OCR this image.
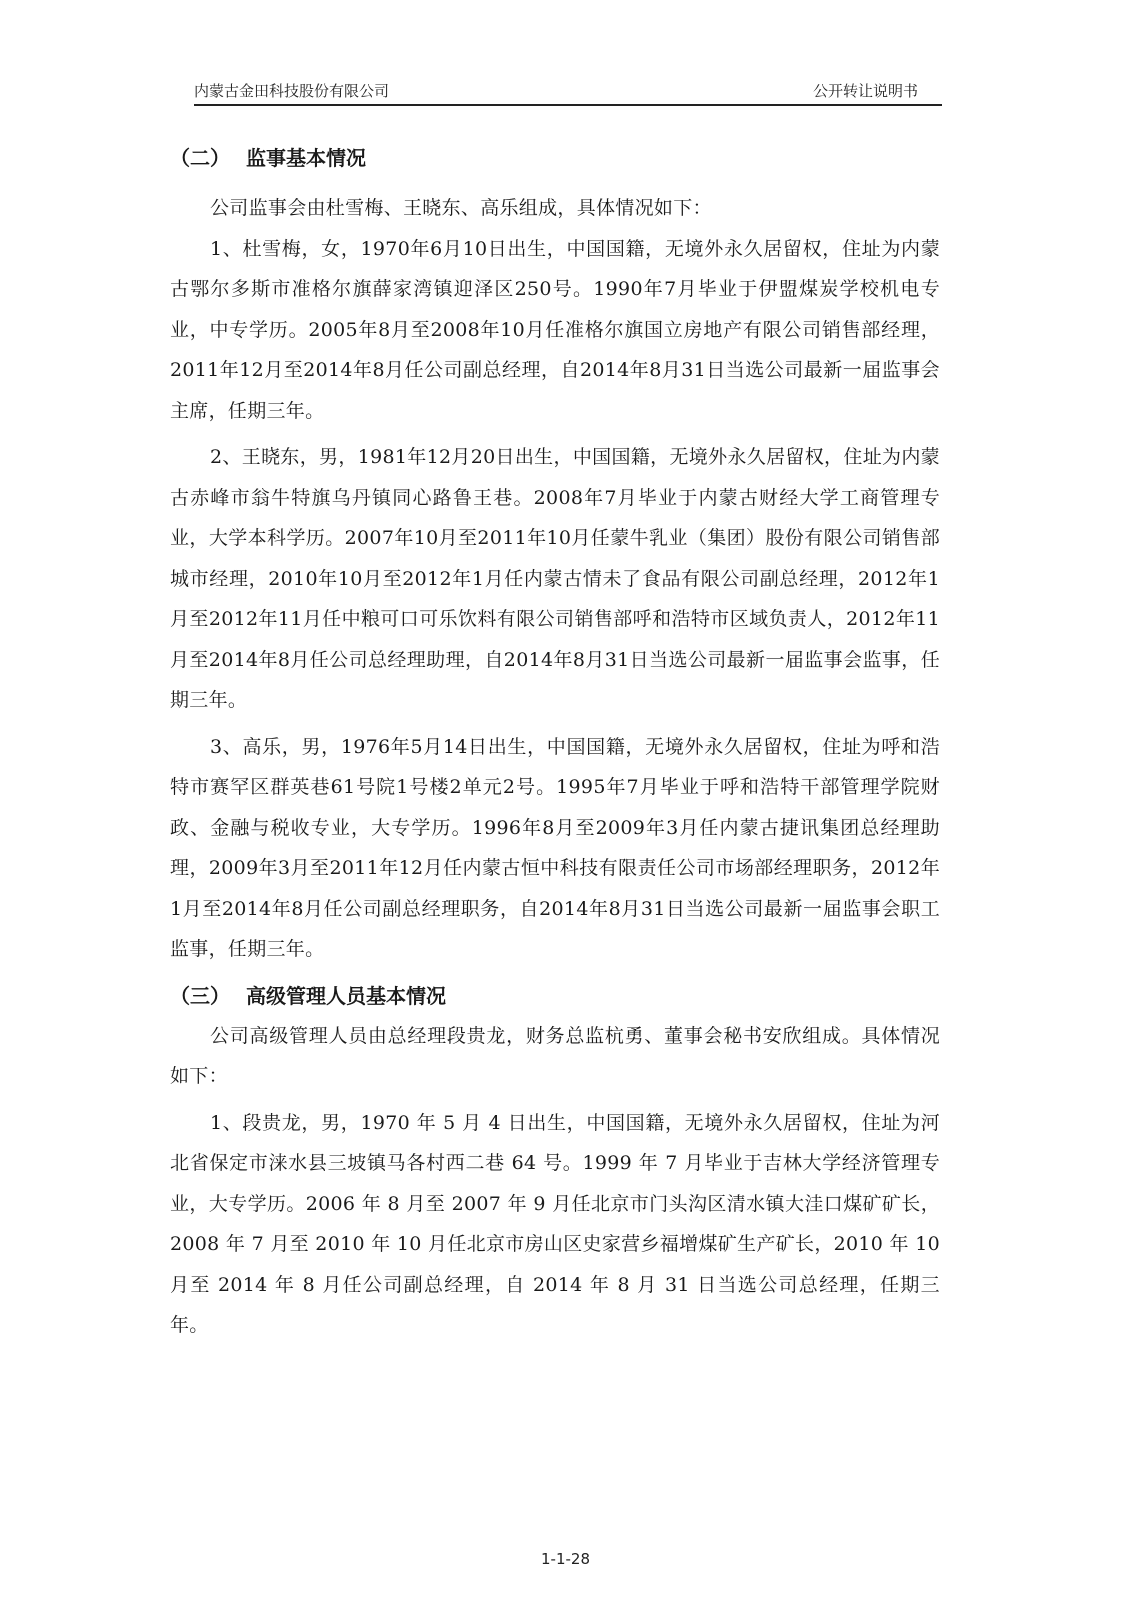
内蒙古金田科技股份有限公司	公开转让说明书
（二） 监事基本情况

公司监事会由杜雪梅、王晓东、高乐组成，具体情况如下：

1、杜雪梅，女，1970年6月10日出生，中国国籍，无境外永久居留权，住址为内蒙古鄂尔多斯市准格尔旗薛家湾镇迎泽区250号。1990年7月毕业于伊盟煤炭学校机电专业，中专学历。2005年8月至2008年10月任准格尔旗国立房地产有限公司销售部经理，2011年12月至2014年8月任公司副总经理，自2014年8月31日当选公司最新一届监事会主席，任期三年。

2、王晓东，男，1981年12月20日出生，中国国籍，无境外永久居留权，住址为内蒙古赤峰市翁牛特旗乌丹镇同心路鲁王巷。2008年7月毕业于内蒙古财经大学工商管理专业，大学本科学历。2007年10月至2011年10月任蒙牛乳业（集团）股份有限公司销售部城市经理，2010年10月至2012年1月任内蒙古情未了食品有限公司副总经理，2012年1月至2012年11月任中粮可口可乐饮料有限公司销售部呼和浩特市区域负责人，2012年11月至2014年8月任公司总经理助理，自2014年8月31日当选公司最新一届监事会监事，任期三年。

3、高乐，男，1976年5月14日出生，中国国籍，无境外永久居留权，住址为呼和浩特市赛罕区群英巷61号院1号楼2单元2号。1995年7月毕业于呼和浩特干部管理学院财政、金融与税收专业，大专学历。1996年8月至2009年3月任内蒙古捷讯集团总经理助理，2009年3月至2011年12月任内蒙古恒中科技有限责任公司市场部经理职务，2012年1月至2014年8月任公司副总经理职务，自2014年8月31日当选公司最新一届监事会职工监事，任期三年。

（三） 高级管理人员基本情况

公司高级管理人员由总经理段贵龙，财务总监杭勇、董事会秘书安欣组成。具体情况如下：

1、段贵龙，男，1970 年 5 月 4 日出生，中国国籍，无境外永久居留权，住址为河北省保定市涞水县三坡镇马各村西二巷 64 号。1999 年 7 月毕业于吉林大学经济管理专业，大专学历。2006 年 8 月至 2007 年 9 月任北京市门头沟区清水镇大洼口煤矿矿长，2008 年 7 月至 2010 年 10 月任北京市房山区史家营乡福增煤矿生产矿长，2010 年 10 月至 2014 年 8 月任公司副总经理，自 2014 年 8 月 31 日当选公司总经理，任期三年。

1-1-28
